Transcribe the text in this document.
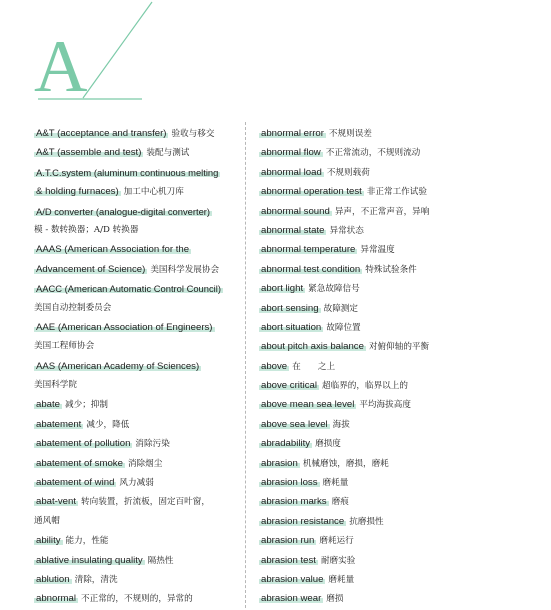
A
A&T (acceptance and transfer) 验收与移交
A&T (assemble and test) 装配与测试
A.T.C.system (aluminum continuous melting
& holding furnaces) 加工中心机刀库
A/D converter (analogue-digital converter)
模 - 数转换器；A/D 转换器
AAAS (American Association for the
Advancement of Science) 美国科学发展协会
AACC (American Automatic Control Council)
美国自动控制委员会
AAE (American Association of Engineers)
美国工程师协会
AAS (American Academy of Sciences)
美国科学院
abate 减少；抑制
abatement 减少，降低
abatement of pollution 消除污染
abatement of smoke 消除烟尘
abatement of wind 风力减弱
abat-vent 转向装置，折流板，固定百叶窗，
通风帽
ability 能力，性能
ablative insulating quality 隔热性
ablution 清除，清洗
abnormal 不正常的，不规则的，异常的
abnormal error 不规则误差
abnormal flow 不正常流动，不规则流动
abnormal load 不规则载荷
abnormal operation test 非正常工作试验
abnormal sound 异声，不正常声音，异响
abnormal state 异常状态
abnormal temperature 异常温度
abnormal test condition 特殊试验条件
abort light 紧急故障信号
abort sensing 故障测定
abort situation 故障位置
about pitch axis balance 对俯仰轴的平衡
above 在　　之上
above critical 超临界的，临界以上的
above mean sea level 平均海拔高度
above sea level 海拔
abradability 磨损度
abrasion 机械磨蚀，磨损，磨耗
abrasion loss 磨耗量
abrasion marks 磨痕
abrasion resistance 抗磨损性
abrasion run 磨耗运行
abrasion test 耐磨实验
abrasion value 磨耗量
abrasion wear 磨损
